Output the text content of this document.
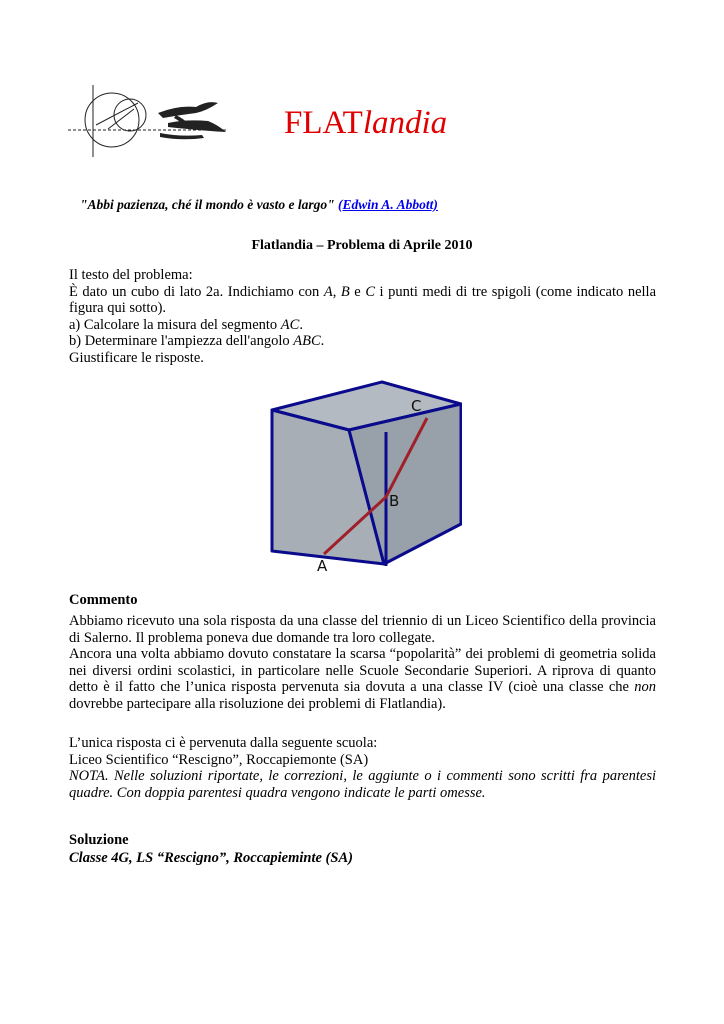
FLATlandia
"Abbi pazienza, ché il mondo è vasto e largo" (Edwin A. Abbott)
Flatlandia – Problema di Aprile 2010
Il testo del problema:
È dato un cubo di lato 2a. Indichiamo con A, B e C i punti medi di tre spigoli (come indicato nella figura qui sotto).
a) Calcolare la misura del segmento AC.
b) Determinare l'ampiezza dell'angolo ABC.
Giustificare le risposte.
A
B
C
Commento
Abbiamo ricevuto una sola risposta da una classe del triennio di un Liceo Scientifico della provincia di Salerno. Il problema poneva due domande tra loro collegate.
Ancora una volta abbiamo dovuto constatare la scarsa “popolarità” dei problemi di geometria solida nei diversi ordini scolastici, in particolare nelle Scuole Secondarie Superiori. A riprova di quanto detto è il fatto che l’unica risposta pervenuta sia dovuta a una classe IV (cioè una classe che non dovrebbe partecipare alla risoluzione dei problemi di Flatlandia).
L’unica risposta ci è pervenuta dalla seguente scuola:
Liceo Scientifico “Rescigno”, Roccapiemonte (SA)
NOTA. Nelle soluzioni riportate, le correzioni, le aggiunte o i commenti sono scritti fra parentesi quadre. Con doppia parentesi quadra vengono indicate le parti omesse.
Soluzione
Classe 4G, LS “Rescigno”, Roccapieminte (SA)
